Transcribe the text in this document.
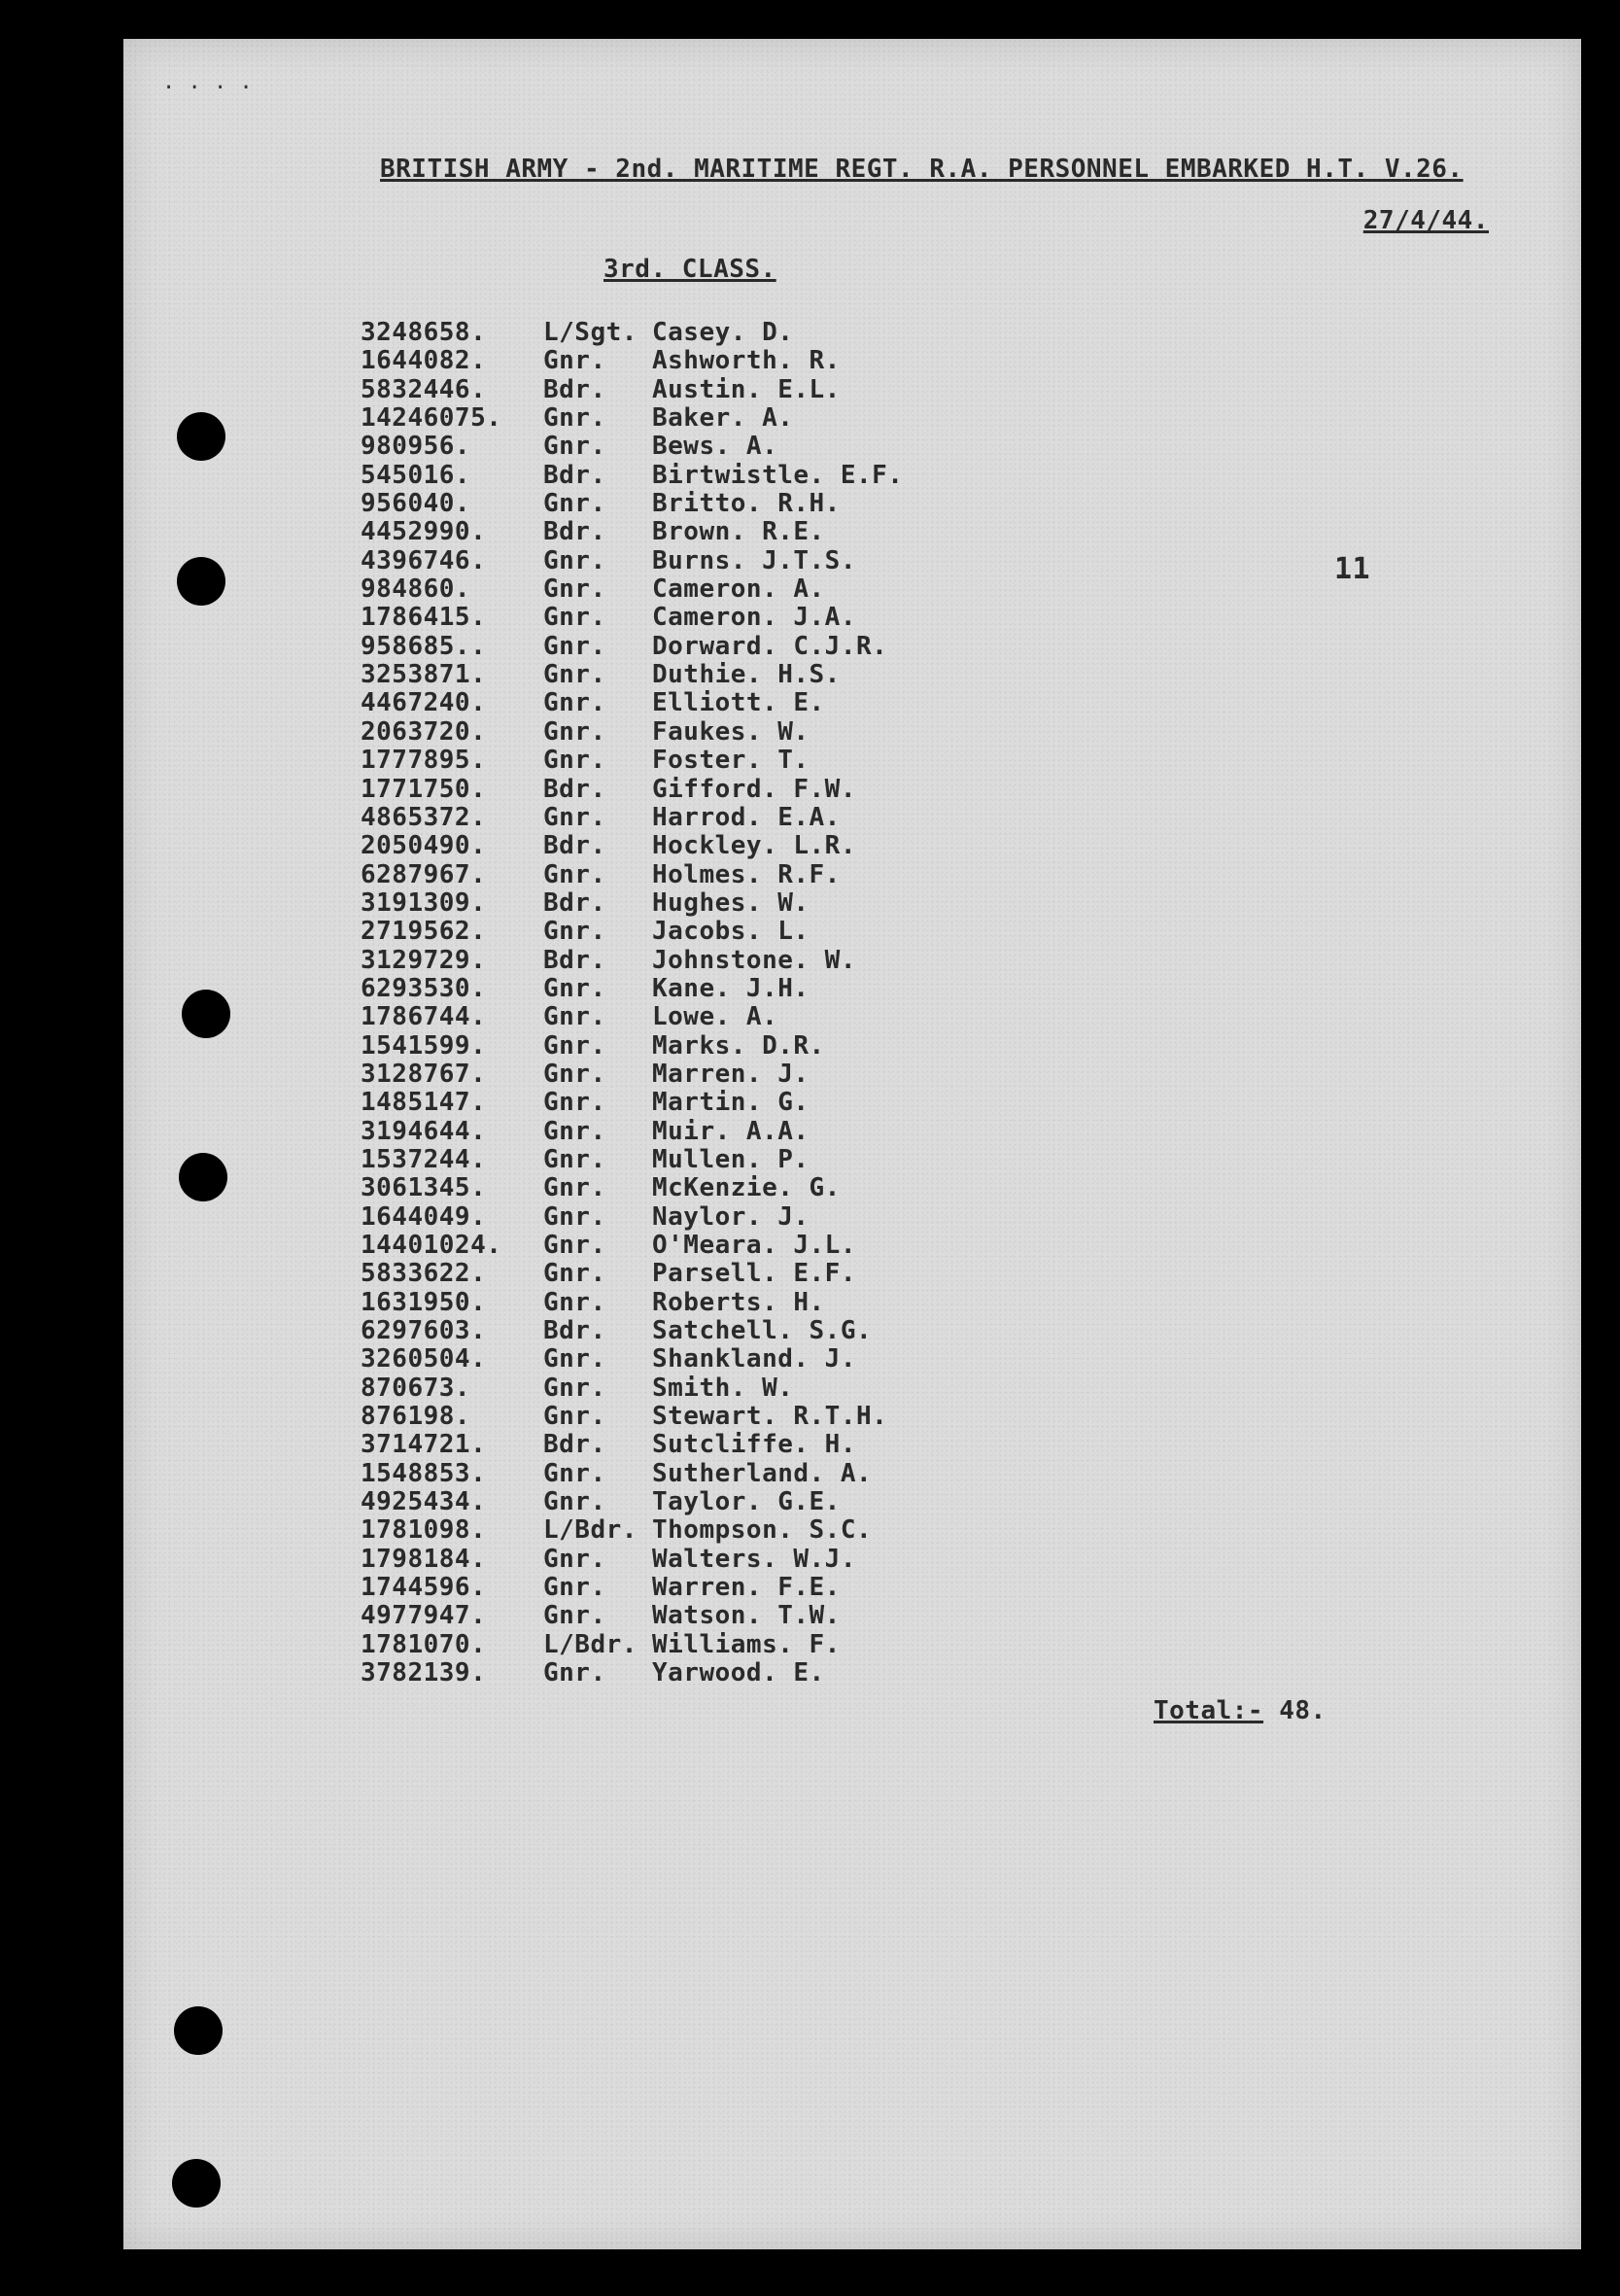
· · · ·
BRITISH ARMY - 2nd. MARITIME REGT. R.A. PERSONNEL EMBARKED H.T. V.26.
27/4/44.
3rd. CLASS.
3248658. L/Sgt. Casey. D.
1644082. Gnr. Ashworth. R.
5832446. Bdr. Austin. E.L.
14246075. Gnr. Baker. A.
980956.	Gnr. Bews. A.
545016.	Bdr. Birtwistle. E.F.
956040.	Gnr. Britto. R.H.
4452990. Bdr. Brown. R.E.
4396746. Gnr. Burns. J.T.S.
984860.	Gnr. Cameron. A.
1786415. Gnr. Cameron. J.A.
958685.. Gnr. Dorward. C.J.R.
3253871. Gnr. Duthie. H.S.
4467240. Gnr. Elliott. E.
2063720. Gnr. Faukes. W.
1777895. Gnr. Foster. T.
1771750. Bdr. Gifford. F.W.
4865372. Gnr. Harrod. E.A.
2050490. Bdr. Hockley. L.R.
6287967. Gnr. Holmes. R.F.
3191309. Bdr. Hughes. W.
2719562. Gnr. Jacobs. L.
3129729. Bdr. Johnstone. W.
6293530. Gnr. Kane. J.H.
1786744. Gnr. Lowe. A.
1541599. Gnr. Marks. D.R.
3128767. Gnr. Marren. J.
1485147. Gnr. Martin. G.
3194644. Gnr. Muir. A.A.
1537244. Gnr. Mullen. P.
3061345. Gnr. McKenzie. G.
1644049. Gnr. Naylor. J.
14401024. Gnr. O'Meara. J.L.
5833622. Gnr. Parsell. E.F.
1631950. Gnr. Roberts. H.
6297603. Bdr. Satchell. S.G.
3260504. Gnr. Shankland. J.
870673.	Gnr. Smith. W.
876198.	Gnr. Stewart. R.T.H.
3714721. Bdr. Sutcliffe. H.
1548853. Gnr. Sutherland. A.
4925434. Gnr. Taylor. G.E.
1781098. L/Bdr. Thompson. S.C.
1798184. Gnr. Walters. W.J.
1744596. Gnr. Warren. F.E.
4977947. Gnr. Watson. T.W.
1781070. L/Bdr. Williams. F.
3782139. Gnr. Yarwood. E.
11
Total:- 48.
